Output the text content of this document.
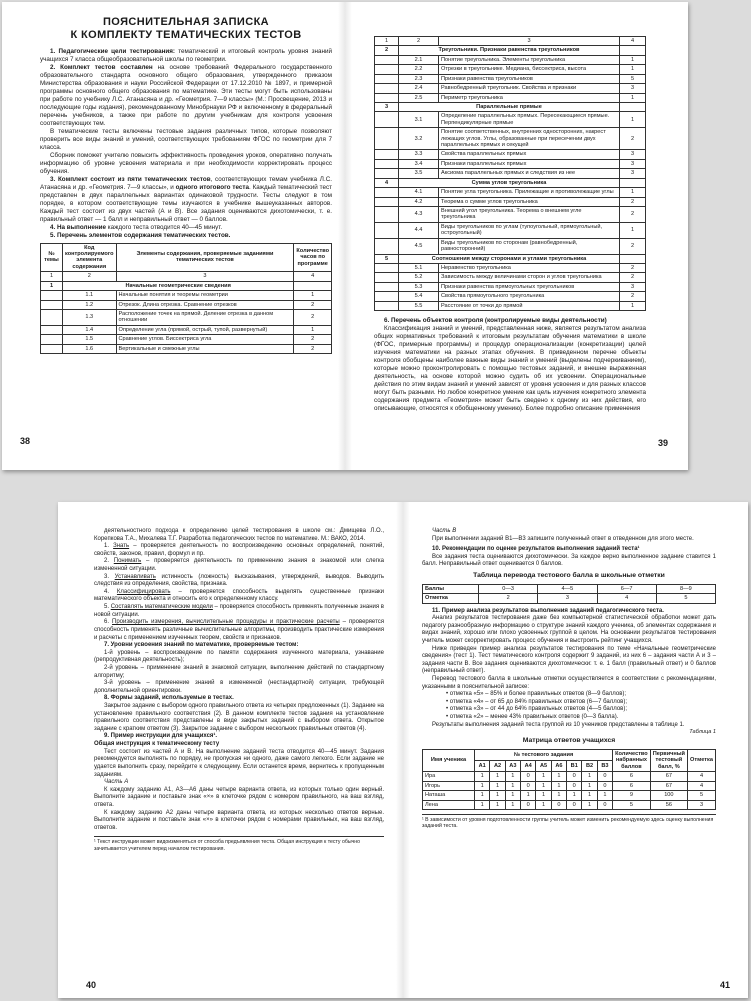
ПОЯСНИТЕЛЬНАЯ ЗАПИСКА
К КОМПЛЕКТУ ТЕМАТИЧЕСКИХ ТЕСТОВ

1. Педагогические цели тестирования: тематический и итоговый контроль уровня знаний учащихся 7 класса общеобразовательной школы по геометрии.

2. Комплект тестов составлен на основе требований Федерального государственного образовательного стандарта основного общего образования, утвержденного приказом Министерства образования и науки Российской Федерации от 17.12.2010 № 1897, и примерной программы основного общего образования по математике. Эти тесты могут быть использованы при работе по учебнику Л.С. Атанасяна и др. «Геометрия. 7—9 классы» (М.: Просвещение, 2013 и последующие годы издания), рекомендованному Минобрнауки РФ и включенному в федеральный перечень учебников, а также при работе по другим учебникам для контроля усвоения соответствующих тем.

В тематические тесты включены тестовые задания различных типов, которые позволяют проверить все виды знаний и умений, соответствующих требованиям ФГОС по геометрии для 7 класса.

Сборник поможет учителю повысить эффективность проведения уроков, оперативно получать информацию об уровне усвоения материала и при необходимости корректировать процесс обучения.

3. Комплект состоит из пяти тематических тестов, соответствующих темам учебника Л.С. Атанасяна и др. «Геометрия. 7—9 классы», и одного итогового теста. Каждый тематический тест представлен в двух параллельных вариантах одинаковой трудности. Тесты следуют в том порядке, в котором соответствующие темы изучаются в учебнике вышеуказанных авторов. Каждый тест состоит из двух частей (А и В). Все задания оцениваются дихотомически, т. е. правильный ответ — 1 балл и неправильный ответ — 0 баллов.

4. На выполнение каждого теста отводится 40—45 минут.

5. Перечень элементов содержания тематических тестов.

№ темы	Код контролируемого элемента содержания	Элементы содержания, проверяемые заданиями тематических тестов	Количество часов по программе
1	2	3	4
1	Начальные геометрические сведения		
	1.1	Начальные понятия и теоремы геометрии	1
	1.2	Отрезок. Длина отрезка. Сравнение отрезков	2
	1.3	Расположение точек на прямой. Деление отрезка в данном отношении	2
	1.4	Определение угла (прямой, острый, тупой, развернутый)	1
	1.5	Сравнение углов. Биссектриса угла	2
	1.6	Вертикальные и смежные углы	2
38
1	2	3	4
2	Треугольники. Признаки равенства треугольников		
	2.1	Понятие треугольника. Элементы треугольника	1
	2.2	Отрезки в треугольнике. Медиана, биссектриса, высота	1
	2.3	Признаки равенства треугольников	5
	2.4	Равнобедренный треугольник. Свойства и признаки	3
	2.5	Периметр треугольника	1
3	Параллельные прямые		
	3.1	Определение параллельных прямых. Пересекающиеся прямые. Перпендикулярные прямые	1
	3.2	Понятие соответственных, внутренних односторонних, накрест лежащих углов. Углы, образованные при пересечении двух параллельных прямых и секущей	2
	3.3	Свойства параллельных прямых	3
	3.4	Признаки параллельных прямых	3
	3.5	Аксиома параллельных прямых и следствия из нее	3
4	Сумма углов треугольника		
	4.1	Понятие угла треугольника. Прилежащие и противолежащие углы	1
	4.2	Теорема о сумме углов треугольника	2
	4.3	Внешний угол треугольника. Теорема о внешнем угле треугольника	2
	4.4	Виды треугольников по углам (тупоугольный, прямоугольный, остроугольный)	1
	4.5	Виды треугольников по сторонам (равнобедренный, равносторонний)	2
5	Соотношения между сторонами и углами треугольника		
	5.1	Неравенство треугольника	2
	5.2	Зависимость между величинами сторон и углов треугольника	2
	5.3	Признаки равенства прямоугольных треугольников	3
	5.4	Свойства прямоугольного треугольника	2
	5.5	Расстояние от точки до прямой	1

6. Перечень объектов контроля (контролируемые виды деятельности)

Классификация знаний и умений, представленная ниже, является результатом анализа общих нормативных требований к итоговым результатам обучения математики в школе (ФГОС, примерные программы) и процедур операционализации (конкретизации) целей изучения математики на разных этапах обучения. В приведенном перечне объекты контроля обобщены наиболее важные виды знаний и умений (выделены подчеркиванием), которые можно проконтролировать с помощью тестовых заданий, и внешне выраженная деятельность, на основе которой можно судить об их усвоении. Операциональные действия по этим видам знаний и умений зависят от уровня усвоения и для разных классов могут быть разными. Но любое конкретное умение как цель изучения конкретного элемента содержания предмета «Геометрия» может быть сведено к одному из них действия, его описывающие, относятся к обобщенному умению). Более подробно описание применения

39

деятельностного подхода к определению целей тестирования в школе см.: Дмищева Л.О., Корепкова Т.А., Михалева Т.Г. Разработка педагогических тестов по математике. М.: ВАКО, 2014.

1. Знать – проверяется деятельность по воспроизведению основных определений, понятий, свойств, законов, правил, формул и пр.

2. Понимать – проверяется деятельность по применению знания в знакомой или слегка измененной ситуации.

3. Устанавливать истинность (ложность) высказывания, утверждений, выводов. Выводить следствия из определения, свойства, признака.

4. Классифицировать – проверяется способность выделять существенные признаки математического объекта и относить его к определенному классу.

5. Составлять математические модели – проверяется способность применять полученные знания в новой ситуации.

6. Производить измерения, вычислительные процедуры и практические расчеты – проверяется способность применять различные вычислительные алгоритмы, производить практические измерения и расчеты с применением изученных теорем, свойств и признаков.

7. Уровни усвоения знаний по математике, проверяемые тестом:

1-й уровень – воспроизведение по памяти содержания изученного материала, узнавание (репродуктивная деятельность);

2-й уровень – применение знаний в знакомой ситуации, выполнение действий по стандартному алгоритму;

3-й уровень – применение знаний в измененной (нестандартной) ситуации, требующей дополнительной ориентировки.

8. Формы заданий, используемые в тестах.

Закрытое задание с выбором одного правильного ответа из четырех предложенных (1). Задание на установление правильного соответствия (2). В данном комплекте тестов задания на установление правильного соответствия представлены в виде закрытых заданий с выбором ответа. Открытое задание с кратким ответом (3). Закрытое задание с выбором нескольких правильных ответов (4).

9. Пример инструкции для учащихся¹.

Общая инструкция к тематическому тесту

Тест состоит из частей А и В. На выполнение заданий теста отводится 40—45 минут. Задания рекомендуется выполнять по порядку, не пропуская ни одного, даже самого легкого. Если задание не удается выполнить сразу, перейдите к следующему. Если останется время, вернитесь к пропущенным заданиям.

Часть А

К каждому заданию А1, А3—А6 даны четыре варианта ответа, из которых только один верный. Выполните задание и поставьте знак «×» в клеточке рядом с номером правильного, на ваш взгляд, ответа.

К каждому заданию А2 даны четыре варианта ответа, из которых несколько ответов верные. Выполните задание и поставьте знак «×» в клеточки рядом с номерами правильных, на ваш взгляд, ответов.

¹ Текст инструкции может видоизменяться от способа предъявления теста. Общая инструкция к тесту обычно зачитывается учителем перед началом тестирования.
40

Часть В

При выполнении заданий В1—В3 запишите полученный ответ в отведенном для этого месте.

10. Рекомендации по оценке результатов выполнения заданий теста¹

Все задания теста оцениваются дихотомически. За каждое верно выполненное задание ставится 1 балл. Неправильный ответ оценивается 0 баллов.

Таблица перевода тестового балла в школьные отметки
Баллы	0—3	4—5	6—7	8—9
Отметка	2	3	4	5

11. Пример анализа результатов выполнения заданий педагогического теста.

Анализ результатов тестирования даже без компьютерной статистической обработки может дать педагогу разнообразную информацию о структуре знаний каждого ученика, об элементах содержания и видах знаний, хорошо или плохо усвоенных группой в целом. На основании результатов тестирования учитель может скорректировать процесс обучения и выстроить рейтинг учащихся.

Ниже приведен пример анализа результатов тестирования по теме «Начальные геометрические сведения» (тест 1). Тест тематического контроля содержит 9 заданий, из них 6 – задания части А и 3 – задания части В. Все задания оцениваются дихотомически: т. е. 1 балл (правильный ответ) и 0 баллов (неправильный ответ).

Перевод тестового балла в школьные отметки осуществляется в соответствии с рекомендациями, указанными в пояснительной записке:

• отметка «5» – 85% и более правильных ответов (8—9 баллов);
• отметка «4» – от 65 до 84% правильных ответов (6—7 баллов);
• отметка «3» – от 44 до 64% правильных ответов (4—5 баллов);
• отметка «2» – менее 43% правильных ответов (0—3 балла).

Результаты выполнения заданий теста группой из 10 учеников представлены в таблице 1.

Таблица 1
Матрица ответов учащихся
Имя ученика	№ тестового задания									Количество набранных баллов	Первичный тестовый балл, %	Отметка
	А1	А2	А3	А4	А5	А6	В1	В2	В3			
Ира	1	1	1	0	1	1	0	1	0	6	67	4
Игорь	1	1	1	0	1	1	0	1	0	6	67	4
Наташа	1	1	1	1	1	1	1	1	1	9	100	5
Лена	1	1	1	0	1	0	0	1	0	5	56	3
¹ В зависимости от уровня подготовленности группы учитель может изменить рекомендуемую здесь оценку выполнения заданий теста.
41
